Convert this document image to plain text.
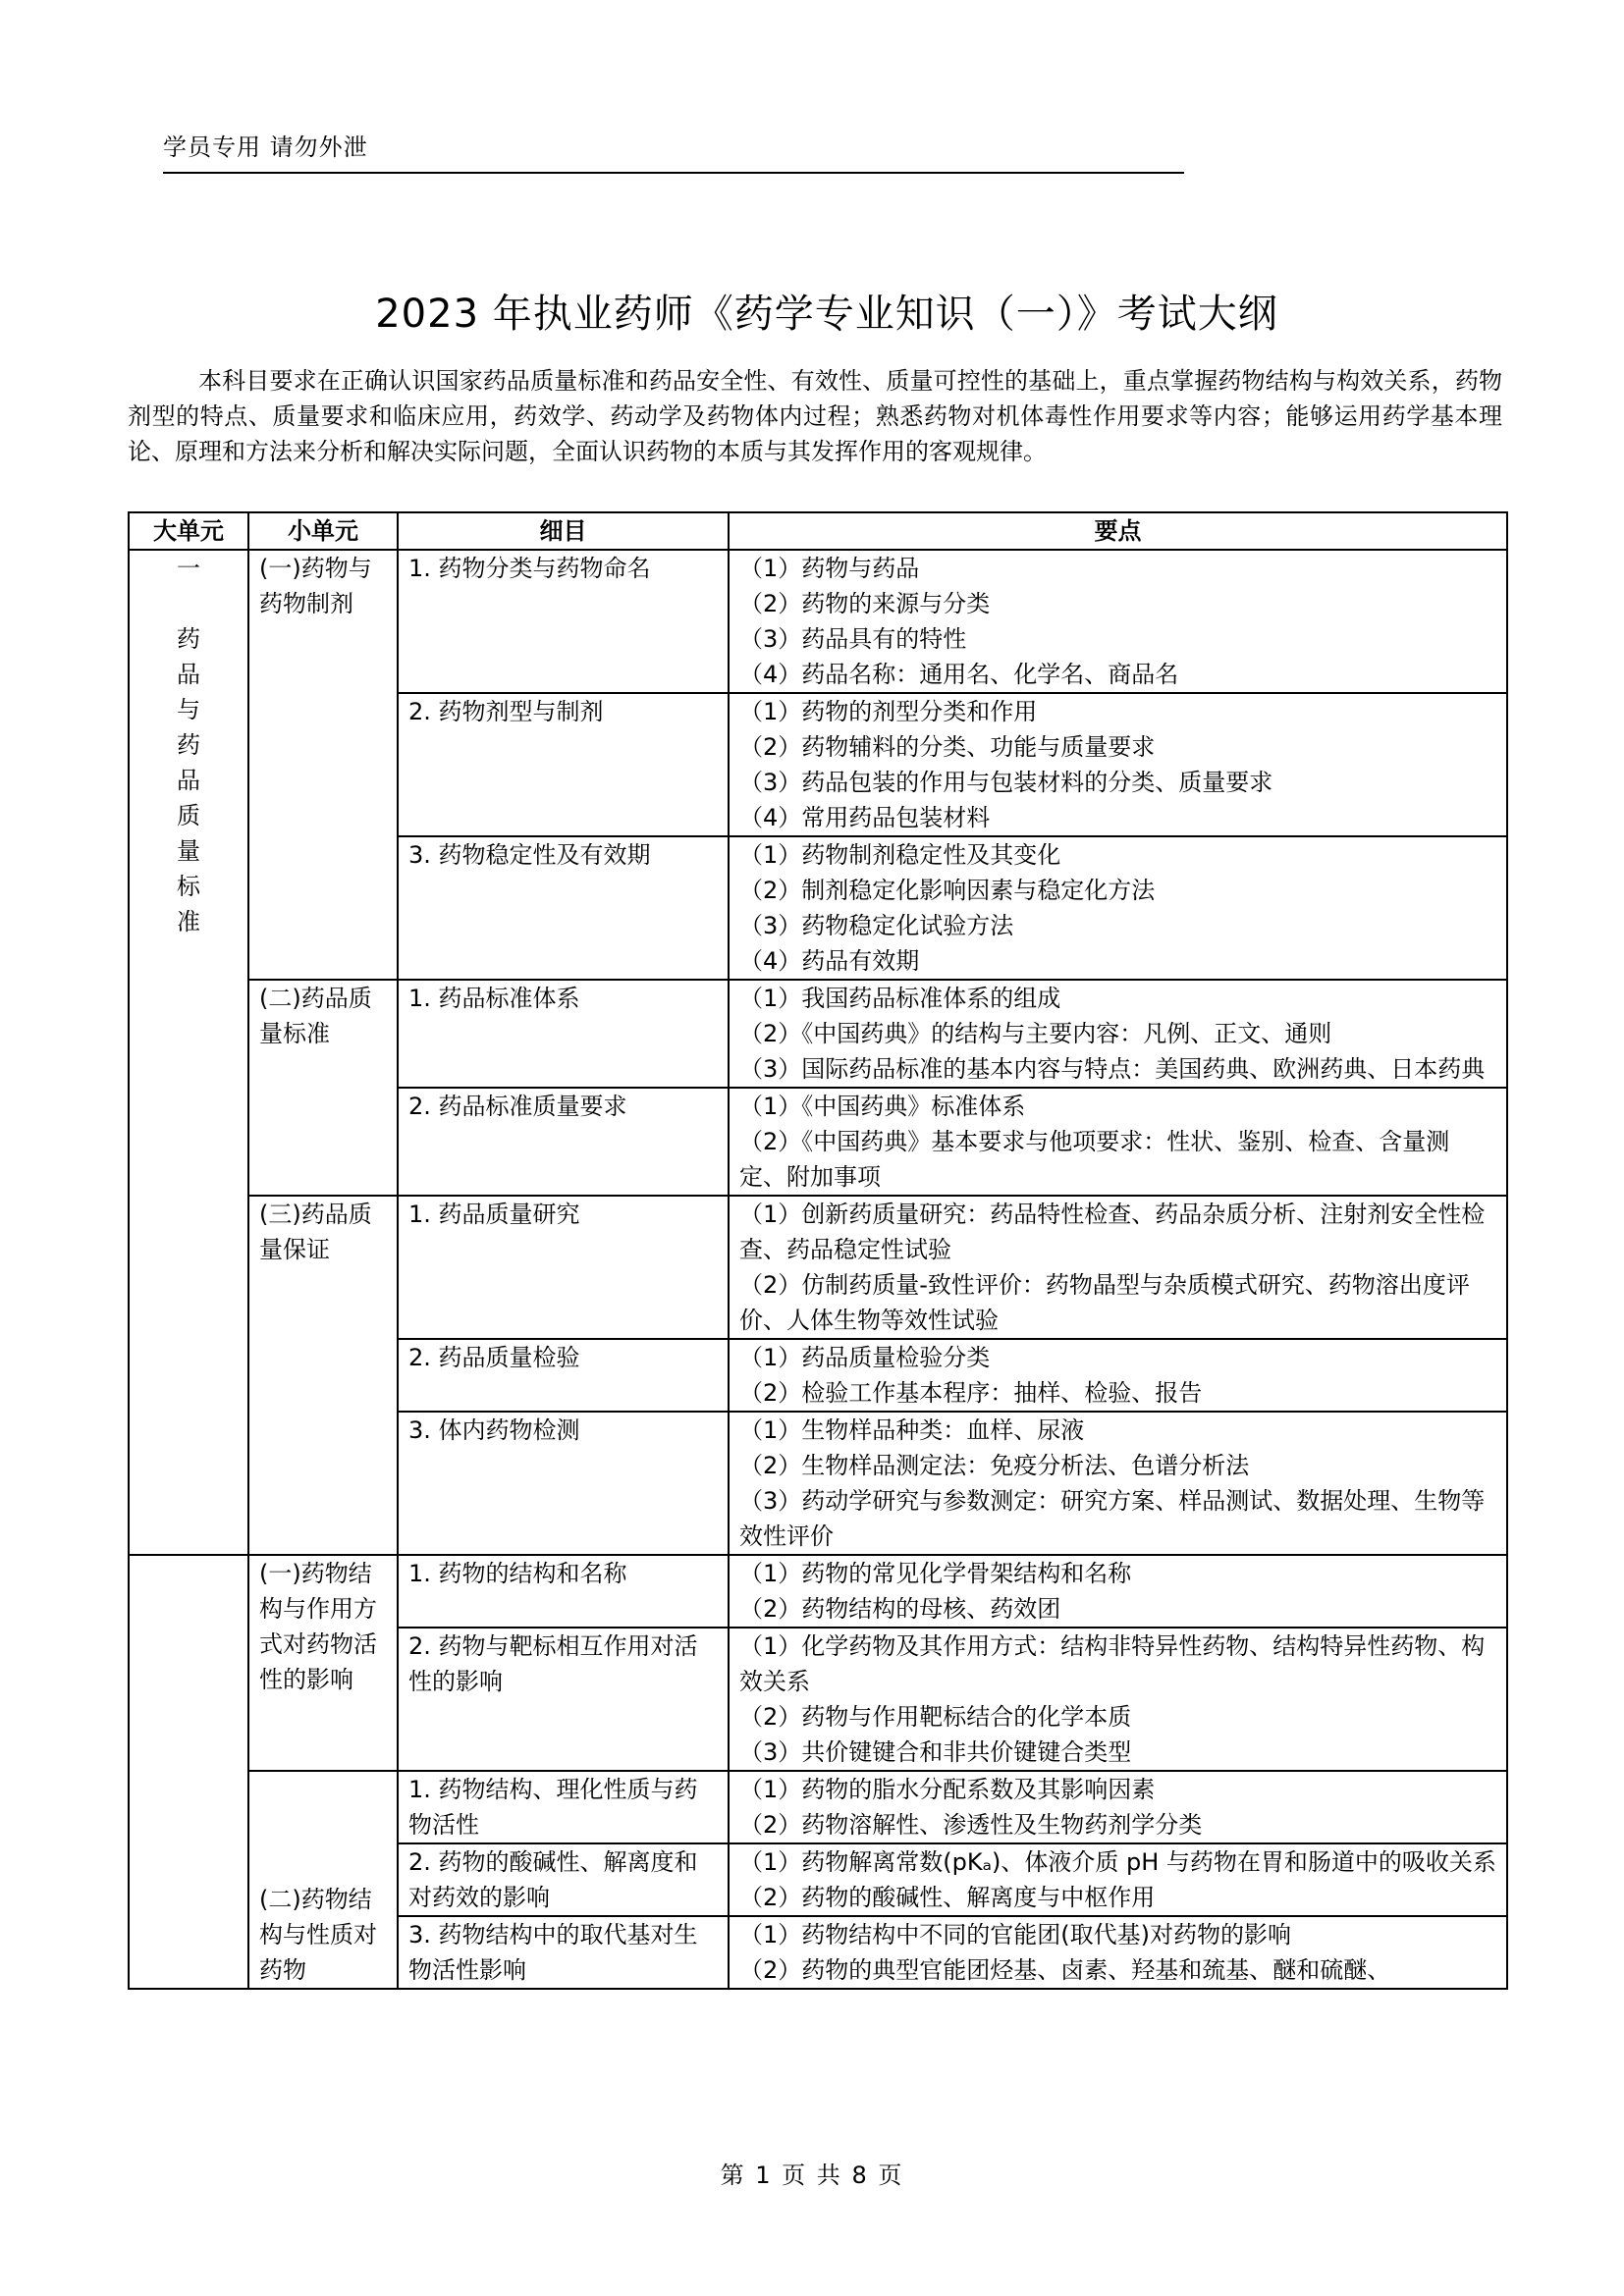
学员专用 请勿外泄
2023 年执业药师《药学专业知识（一）》考试大纲

本科目要求在正确认识国家药品质量标准和药品安全性、有效性、质量可控性的基础上，重点掌握药物结构与构效关系，药物剂型的特点、质量要求和临床应用，药效学、药动学及药物体内过程；熟悉药物对机体毒性作用要求等内容；能够运用药学基本理论、原理和方法来分析和解决实际问题，全面认识药物的本质与其发挥作用的客观规律。

大单元	小单元	细目	要点

一
药品与药品质量标准	(一)药物与药物制剂	1. 药物分类与药物命名	（1）药物与药品
（2）药物的来源与分类
（3）药品具有的特性
（4）药品名称：通用名、化学名、商品名

		2. 药物剂型与制剂	（1）药物的剂型分类和作用
（2）药物辅料的分类、功能与质量要求
（3）药品包装的作用与包装材料的分类、质量要求
（4）常用药品包装材料

		3. 药物稳定性及有效期	（1）药物制剂稳定性及其变化
（2）制剂稳定化影响因素与稳定化方法
（3）药物稳定化试验方法
（4）药品有效期

	(二)药品质量标准	1. 药品标准体系	（1）我国药品标准体系的组成
（2）《中国药典》的结构与主要内容：凡例、正文、通则
（3）国际药品标准的基本内容与特点：美国药典、欧洲药典、日本药典

		2. 药品标准质量要求	（1）《中国药典》标准体系
（2）《中国药典》基本要求与他项要求：性状、鉴别、检查、含量测定、附加事项

	(三)药品质量保证	1. 药品质量研究	（1）创新药质量研究：药品特性检查、药品杂质分析、注射剂安全性检查、药品稳定性试验
（2）仿制药质量-致性评价：药物晶型与杂质模式研究、药物溶出度评价、人体生物等效性试验

		2. 药品质量检验	（1）药品质量检验分类
（2）检验工作基本程序：抽样、检验、报告

		3. 体内药物检测	（1）生物样品种类：血样、尿液
（2）生物样品测定法：免疫分析法、色谱分析法
（3）药动学研究与参数测定：研究方案、样品测试、数据处理、生物等效性评价

	(一)药物结构与作用方式对药物活性的影响	1. 药物的结构和名称	（1）药物的常见化学骨架结构和名称
（2）药物结构的母核、药效团

		2. 药物与靶标相互作用对活性的影响	（1）化学药物及其作用方式：结构非特异性药物、结构特异性药物、构效关系
（2）药物与作用靶标结合的化学本质
（3）共价键键合和非共价键键合类型

	(二)药物结构与性质对药物	1. 药物结构、理化性质与药物活性	（1）药物的脂水分配系数及其影响因素
（2）药物溶解性、渗透性及生物药剂学分类

		2. 药物的酸碱性、解离度和对药效的影响	（1）药物解离常数(pKₐ)、体液介质 pH 与药物在胃和肠道中的吸收关系
（2）药物的酸碱性、解离度与中枢作用

		3. 药物结构中的取代基对生物活性影响	（1）药物结构中不同的官能团(取代基)对药物的影响
（2）药物的典型官能团烃基、卤素、羟基和巯基、醚和硫醚、
第 1 页 共 8 页
